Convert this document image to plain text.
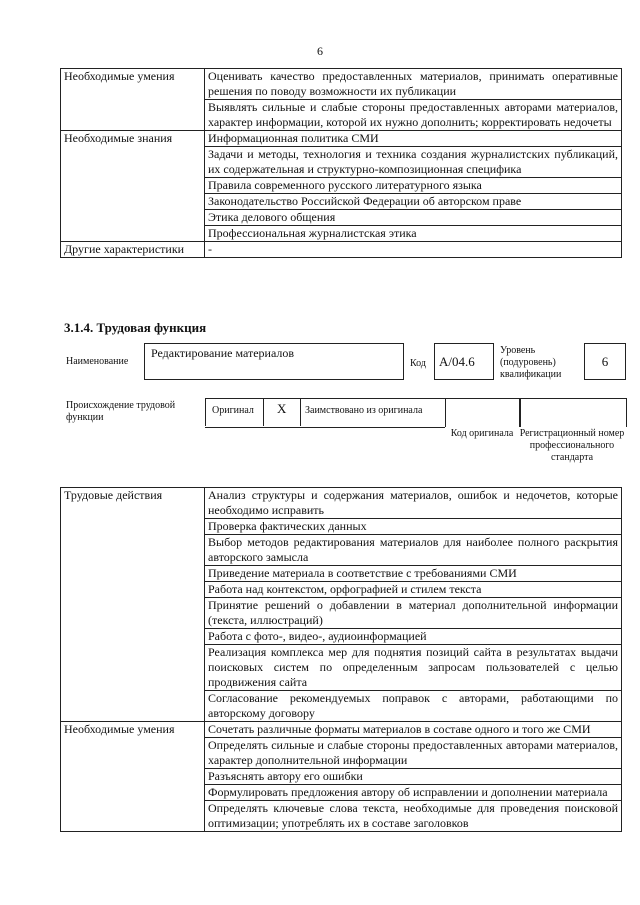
6
Необходимые умения	Оценивать качество предоставленных материалов, принимать оперативные решения по поводу возможности их публикации
	Выявлять сильные и слабые стороны предоставленных авторами материалов, характер информации, которой их нужно дополнить; корректировать недочеты
Необходимые знания	Информационная политика СМИ
	Задачи и методы, технология и техника создания журналистских публикаций, их содержательная и структурно-композиционная специфика
	Правила современного русского литературного языка
	Законодательство Российской Федерации об авторском праве
	Этика делового общения
	Профессиональная журналистская этика
Другие характеристики	-
3.1.4. Трудовая функция
Наименование
Редактирование материалов
Код	А/04.6
Уровень (подуровень) квалификации
6
Происхождение трудовой функции
Оригинал X Заимствовано из оригинала
Код оригинала Регистрационный номер профессионального стандарта
Трудовые действия	Анализ структуры и содержания материалов, ошибок и недочетов, которые необходимо исправить
	Проверка фактических данных
	Выбор методов редактирования материалов для наиболее полного раскрытия авторского замысла
	Приведение материала в соответствие с требованиями СМИ
	Работа над контекстом, орфографией и стилем текста
	Принятие решений о добавлении в материал дополнительной информации (текста, иллюстраций)
	Работа с фото-, видео-, аудиоинформацией
	Реализация комплекса мер для поднятия позиций сайта в результатах выдачи поисковых систем по определенным запросам пользователей с целью продвижения сайта
	Согласование рекомендуемых поправок с авторами, работающими по авторскому договору
Необходимые умения	Сочетать различные форматы материалов в составе одного и того же СМИ
	Определять сильные и слабые стороны предоставленных авторами материалов, характер дополнительной информации
	Разъяснять автору его ошибки
	Формулировать предложения автору об исправлении и дополнении материала
	Определять ключевые слова текста, необходимые для проведения поисковой оптимизации; употреблять их в составе заголовков
